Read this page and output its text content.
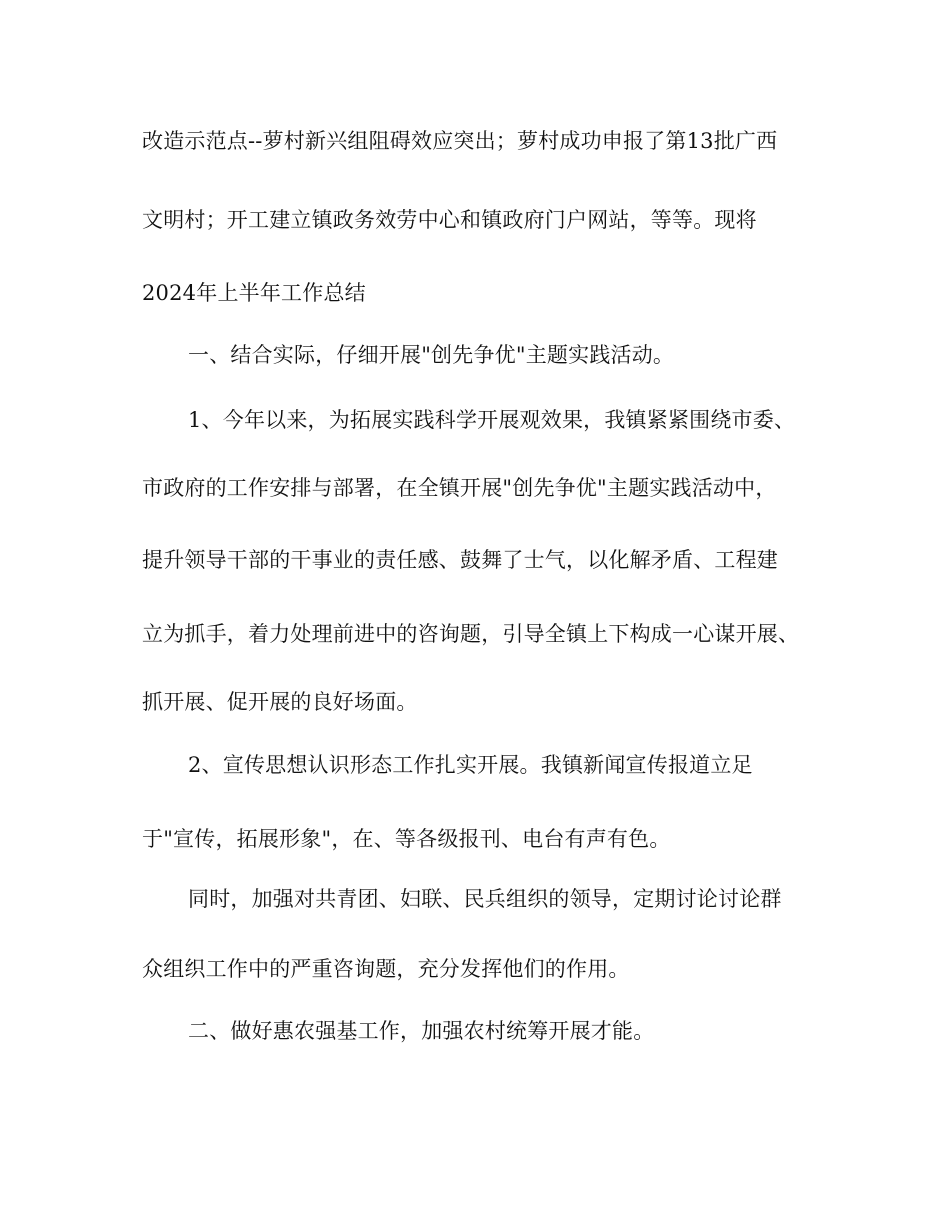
改造示范点--萝村新兴组阻碍效应突出；萝村成功申报了第13批广西
文明村；开工建立镇政务效劳中心和镇政府门户网站，等等。现将
2024年上半年工作总结
一、结合实际，仔细开展"创先争优"主题实践活动。
1、今年以来，为拓展实践科学开展观效果，我镇紧紧围绕市委、
市政府的工作安排与部署，在全镇开展"创先争优"主题实践活动中，
提升领导干部的干事业的责任感、鼓舞了士气，以化解矛盾、工程建
立为抓手，着力处理前进中的咨询题，引导全镇上下构成一心谋开展、
抓开展、促开展的良好场面。
2、宣传思想认识形态工作扎实开展。我镇新闻宣传报道立足
于"宣传，拓展形象"，在、等各级报刊、电台有声有色。
同时，加强对共青团、妇联、民兵组织的领导，定期讨论讨论群
众组织工作中的严重咨询题，充分发挥他们的作用。
二、做好惠农强基工作，加强农村统筹开展才能。
